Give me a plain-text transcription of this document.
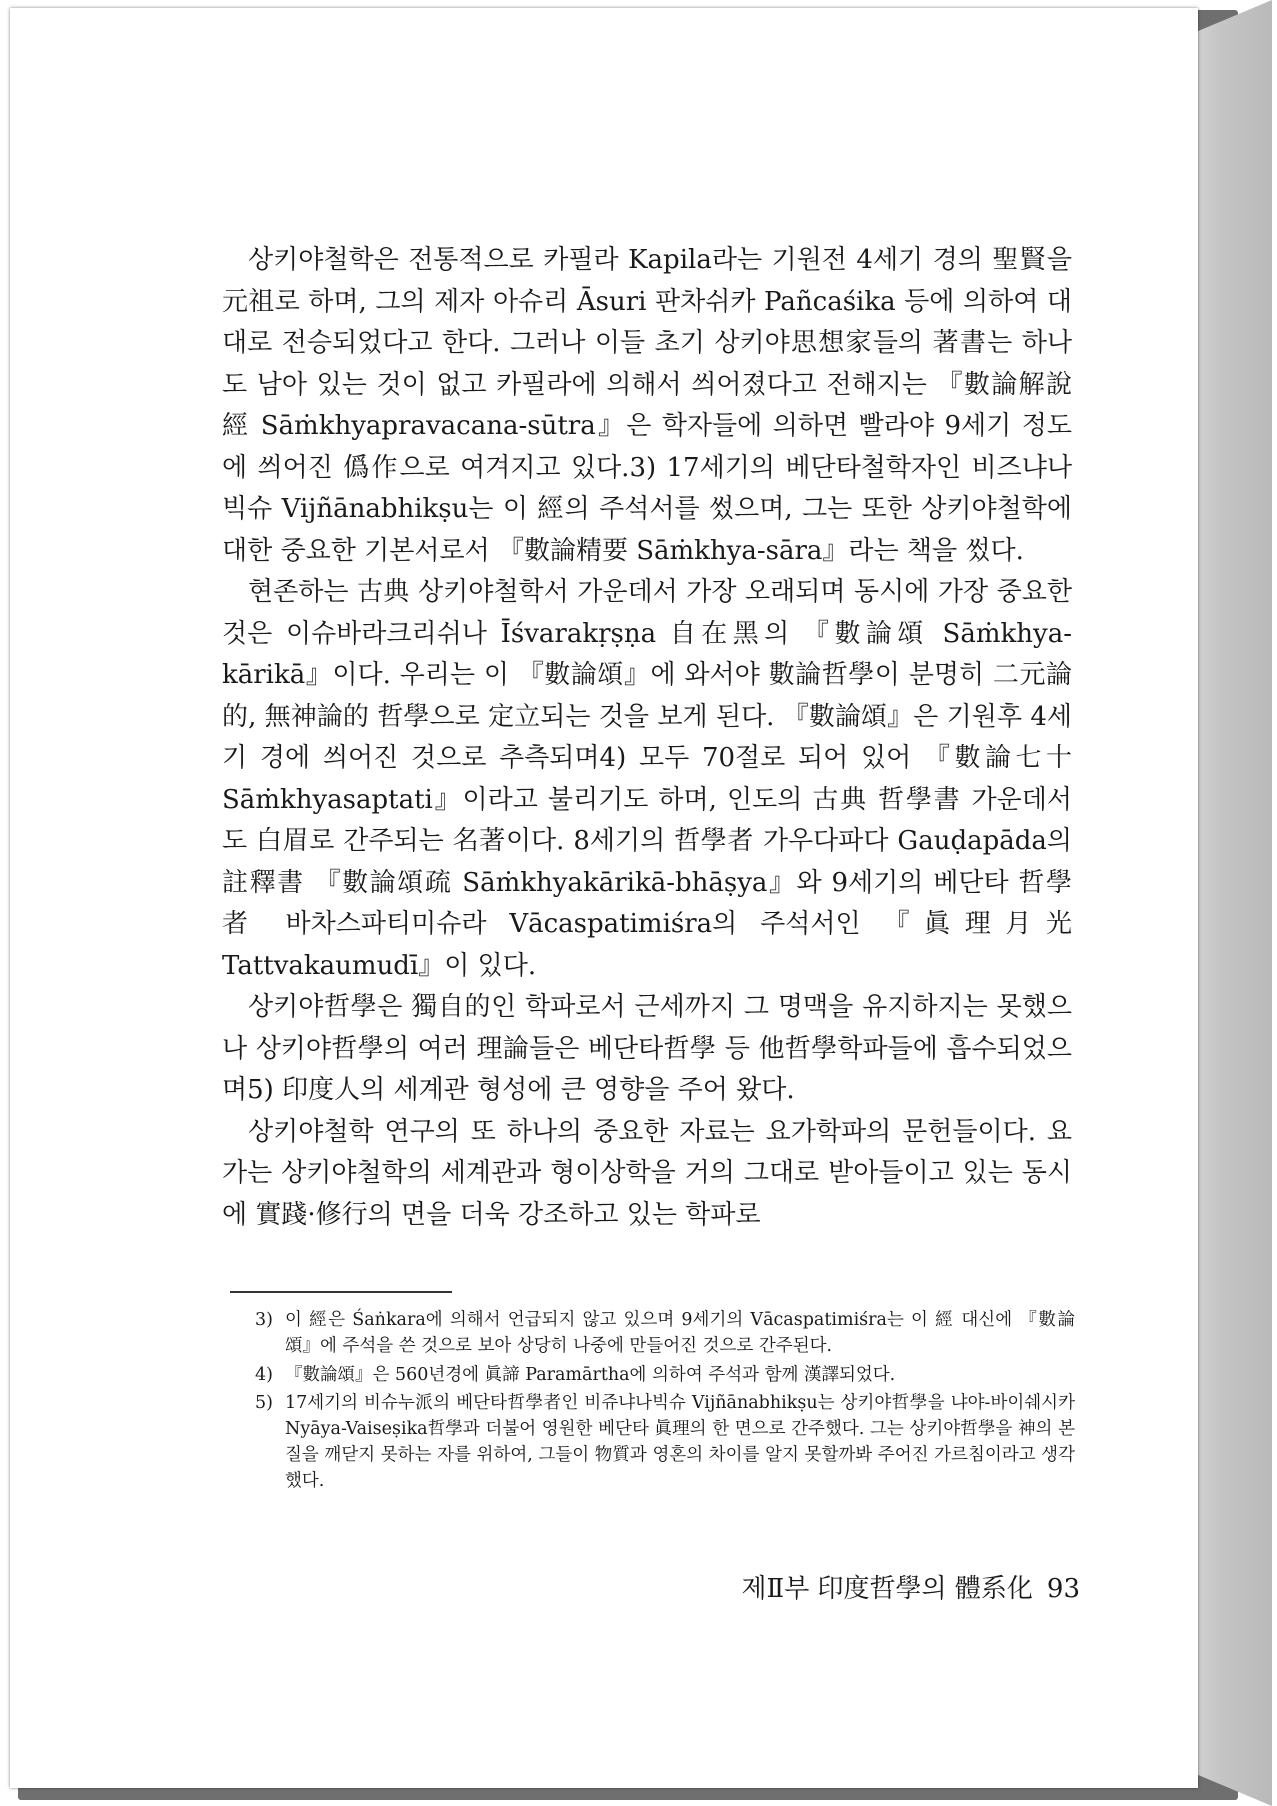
상키야철학은 전통적으로 카필라 Kapila라는 기원전 4세기 경의 聖賢을 元祖로 하며, 그의 제자 아슈리 Āsuri 판차쉬카 Pañcaśika 등에 의하여 대대로 전승되었다고 한다. 그러나 이들 초기 상키야思想家들의 著書는 하나도 남아 있는 것이 없고 카필라에 의해서 씌어졌다고 전해지는 『數論解說經 Sāṁkhyapravacana-sūtra』은 학자들에 의하면 빨라야 9세기 정도에 씌어진 僞作으로 여겨지고 있다.3) 17세기의 베단타철학자인 비즈냐나빅슈 Vijñānabhikṣu는 이 經의 주석서를 썼으며, 그는 또한 상키야철학에 대한 중요한 기본서로서 『數論精要 Sāṁkhya-sāra』라는 책을 썼다.

현존하는 古典 상키야철학서 가운데서 가장 오래되며 동시에 가장 중요한 것은 이슈바라크리쉬나 Īśvarakṛṣṇa 自在黑의 『數論頌 Sāṁkhya-kārikā』이다. 우리는 이 『數論頌』에 와서야 數論哲學이 분명히 二元論的, 無神論的 哲學으로 定立되는 것을 보게 된다. 『數論頌』은 기원후 4세기 경에 씌어진 것으로 추측되며4) 모두 70절로 되어 있어 『數論七十 Sāṁkhyasaptati』이라고 불리기도 하며, 인도의 古典 哲學書 가운데서도 白眉로 간주되는 名著이다. 8세기의 哲學者 가우다파다 Gauḍapāda의 註釋書 『數論頌疏 Sāṁkhyakārikā-bhāṣya』와 9세기의 베단타 哲學者 바차스파티미슈라 Vācaspatimiśra의 주석서인 『眞理月光 Tattvakaumudī』이 있다.

상키야哲學은 獨自的인 학파로서 근세까지 그 명맥을 유지하지는 못했으나 상키야哲學의 여러 理論들은 베단타哲學 등 他哲學학파들에 흡수되었으며5) 印度人의 세계관 형성에 큰 영향을 주어 왔다.

상키야철학 연구의 또 하나의 중요한 자료는 요가학파의 문헌들이다. 요가는 상키야철학의 세계관과 형이상학을 거의 그대로 받아들이고 있는 동시에 實踐·修行의 면을 더욱 강조하고 있는 학파로

3) 이 經은 Śaṅkara에 의해서 언급되지 않고 있으며 9세기의 Vācaspatimiśra는 이 經 대신에 『數論頌』에 주석을 쓴 것으로 보아 상당히 나중에 만들어진 것으로 간주된다.
4) 『數論頌』은 560년경에 眞諦 Paramārtha에 의하여 주석과 함께 漢譯되었다.
5) 17세기의 비슈누派의 베단타哲學者인 비쥬냐나빅슈 Vijñānabhikṣu는 상키야哲學을 냐야-바이쉐시카 Nyāya-Vaiseṣika哲學과 더불어 영원한 베단타 眞理의 한 면으로 간주했다. 그는 상키야哲學을 神의 본질을 깨닫지 못하는 자를 위하여, 그들이 物質과 영혼의 차이를 알지 못할까봐 주어진 가르침이라고 생각했다.
제Ⅱ부 印度哲學의 體系化 93
